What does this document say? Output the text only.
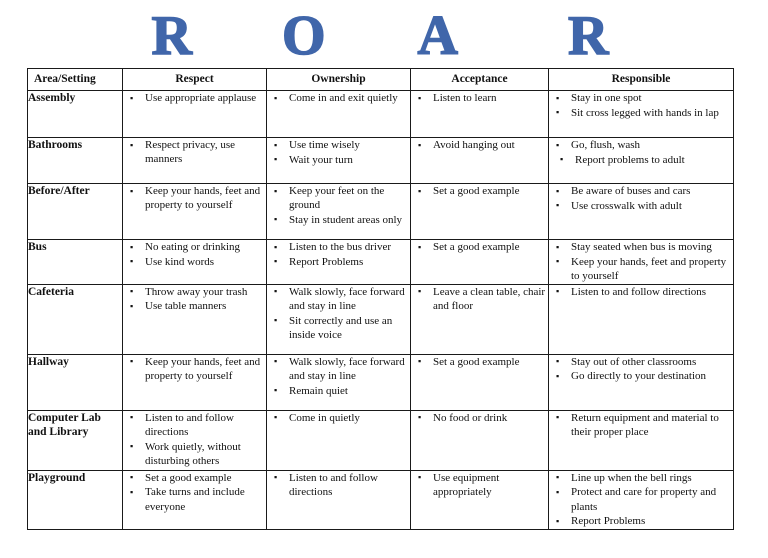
R O A R
Area/Setting	Respect	Ownership	Acceptance	Responsible
Assembly	
▪Use appropriate applause

▪Come in and exit quietly

▪Listen to learn

▪Stay in one spot
▪ Sit cross legged with hands in lap

Bathrooms	
▪Respect privacy, use manners

▪ Use time wisely
▪ Wait your turn

▪ Avoid hanging out

▪Go, flush, wash
▪ Report problems to adult

Before/After	
▪Keep your hands, feet and property to yourself

▪ Keep your feet on the ground
▪ Stay in student areas only

▪ Set a good example

▪Be aware of buses and cars
▪ Use crosswalk with adult

Bus	
▪No eating or drinking
▪ Use kind words

▪ Listen to the bus driver
▪ Report Problems

▪ Set a good example

▪Stay seated when bus is moving
▪ Keep your hands, feet and property to yourself

Cafeteria	
▪Throw away your trash
▪ Use table manners

▪ Walk slowly, face forward and stay in line
▪ Sit correctly and use an inside voice

▪ Leave a clean table, chair and floor

▪ Listen to and follow directions

Hallway	
▪Keep your hands, feet and property to yourself

▪ Walk slowly, face forward and stay in line
▪ Remain quiet

▪ Set a good example

▪Stay out of other classrooms
▪ Go directly to your destination

Computer Lab and Library	
▪ Listen to and follow directions
▪ Work quietly, without disturbing others

▪ Come in quietly

▪No food or drink

▪Return equipment and material to their proper place

Playground	
▪Set a good example
▪ Take turns and include everyone

▪ Listen to and follow directions

▪ Use equipment appropriately

▪ Line up when the bell rings
▪ Protect and care for property and plants
▪ Report Problems
